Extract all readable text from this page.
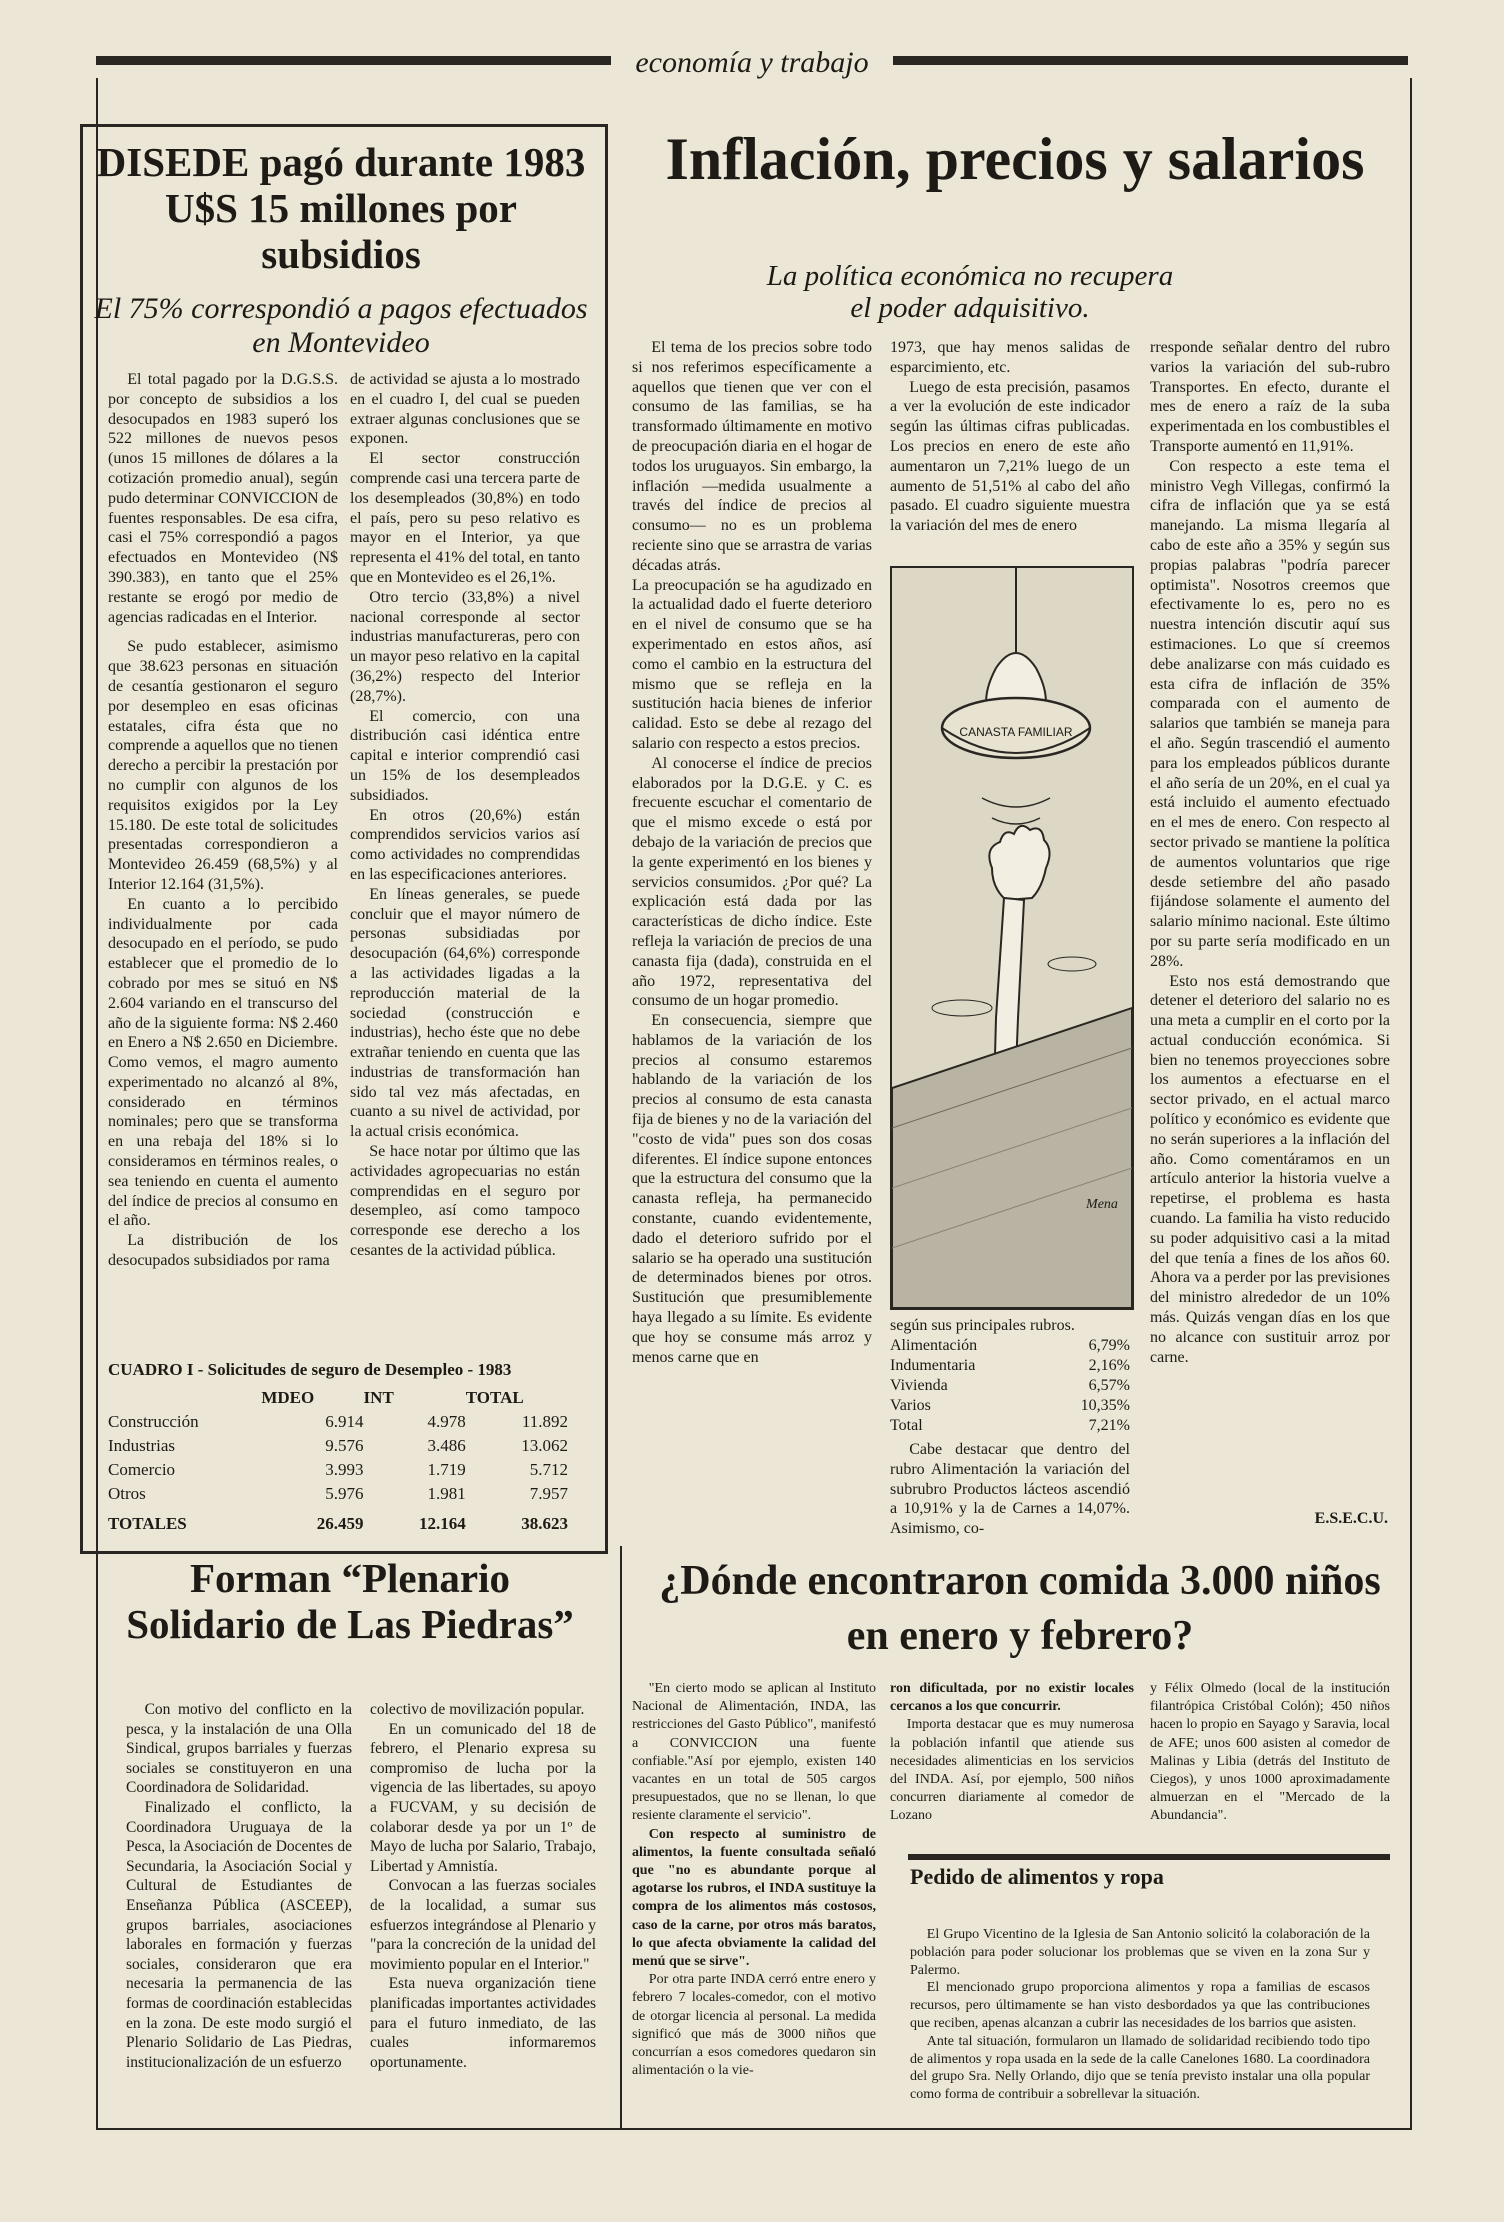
economía y trabajo
DISEDE pagó durante 1983 U$S 15 millones por subsidios
El 75% correspondió a pagos efectuados en Montevideo

El total pagado por la D.G.S.S. por concepto de subsidios a los desocupados en 1983 superó los 522 millones de nuevos pesos (unos 15 millones de dólares a la cotización promedio anual), según pudo determinar CONVICCION de fuentes responsables. De esa cifra, casi el 75% correspondió a pagos efectuados en Montevideo (N$ 390.383), en tanto que el 25% restante se erogó por medio de agencias radicadas en el Interior.

Se pudo establecer, asimismo que 38.623 personas en situación de cesantía gestionaron el seguro por desempleo en esas oficinas estatales, cifra ésta que no comprende a aquellos que no tienen derecho a percibir la prestación por no cumplir con algunos de los requisitos exigidos por la Ley 15.180. De este total de solicitudes presentadas correspondieron a Montevideo 26.459 (68,5%) y al Interior 12.164 (31,5%).

En cuanto a lo percibido individualmente por cada desocupado en el período, se pudo establecer que el promedio de lo cobrado por mes se situó en N$ 2.604 variando en el transcurso del año de la siguiente forma: N$ 2.460 en Enero a N$ 2.650 en Diciembre. Como vemos, el magro aumento experimentado no alcanzó al 8%, considerado en términos nominales; pero que se transforma en una rebaja del 18% si lo consideramos en términos reales, o sea teniendo en cuenta el aumento del índice de precios al consumo en el año.

La distribución de los desocupados subsidiados por rama

de actividad se ajusta a lo mostrado en el cuadro I, del cual se pueden extraer algunas conclusiones que se exponen.

El sector construcción comprende casi una tercera parte de los desempleados (30,8%) en todo el país, pero su peso relativo es mayor en el Interior, ya que representa el 41% del total, en tanto que en Montevideo es el 26,1%.

Otro tercio (33,8%) a nivel nacional corresponde al sector industrias manufactureras, pero con un mayor peso relativo en la capital (36,2%) respecto del Interior (28,7%).

El comercio, con una distribución casi idéntica entre capital e interior comprendió casi un 15% de los desempleados subsidiados.

En otros (20,6%) están comprendidos servicios varios así como actividades no comprendidas en las especificaciones anteriores.

En líneas generales, se puede concluir que el mayor número de personas subsidiadas por desocupación (64,6%) corresponde a las actividades ligadas a la reproducción material de la sociedad (construcción e industrias), hecho éste que no debe extrañar teniendo en cuenta que las industrias de transformación han sido tal vez más afectadas, en cuanto a su nivel de actividad, por la actual crisis económica.

Se hace notar por último que las actividades agropecuarias no están comprendidas en el seguro por desempleo, así como tampoco corresponde ese derecho a los cesantes de la actividad pública.

CUADRO I - Solicitudes de seguro de Desempleo - 1983
	MDEO	INT	TOTAL
Construcción	6.914	4.978	11.892
Industrias	9.576	3.486	13.062
Comercio	3.993	1.719	5.712
Otros	5.976	1.981	7.957
TOTALES	26.459	12.164	38.623
Inflación, precios y salarios
La política económica no recupera el poder adquisitivo.

El tema de los precios sobre todo si nos referimos específicamente a aquellos que tienen que ver con el consumo de las familias, se ha transformado últimamente en motivo de preocupación diaria en el hogar de todos los uruguayos. Sin embargo, la inflación —medida usualmente a través del índice de precios al consumo— no es un problema reciente sino que se arrastra de varias décadas atrás.

La preocupación se ha agudizado en la actualidad dado el fuerte deterioro en el nivel de consumo que se ha experimentado en estos años, así como el cambio en la estructura del mismo que se refleja en la sustitución hacia bienes de inferior calidad. Esto se debe al rezago del salario con respecto a estos precios.

Al conocerse el índice de precios elaborados por la D.G.E. y C. es frecuente escuchar el comentario de que el mismo excede o está por debajo de la variación de precios que la gente experimentó en los bienes y servicios consumidos. ¿Por qué? La explicación está dada por las características de dicho índice. Este refleja la variación de precios de una canasta fija (dada), construida en el año 1972, representativa del consumo de un hogar promedio.

En consecuencia, siempre que hablamos de la variación de los precios al consumo estaremos hablando de la variación de los precios al consumo de esta canasta fija de bienes y no de la variación del "costo de vida" pues son dos cosas diferentes. El índice supone entonces que la estructura del consumo que la canasta refleja, ha permanecido constante, cuando evidentemente, dado el deterioro sufrido por el salario se ha operado una sustitución de determinados bienes por otros. Sustitución que presumiblemente haya llegado a su límite. Es evidente que hoy se consume más arroz y menos carne que en

1973, que hay menos salidas de esparcimiento, etc.

Luego de esta precisión, pasamos a ver la evolución de este indicador según las últimas cifras publicadas. Los precios en enero de este año aumentaron un 7,21% luego de un aumento de 51,51% al cabo del año pasado. El cuadro siguiente muestra la variación del mes de enero

CANASTA FAMILIAR
Mena
según sus principales rubros.
Alimentación	6,79%
Indumentaria	2,16%
Vivienda	6,57%
Varios	10,35%
Total	7,21%

Cabe destacar que dentro del rubro Alimentación la variación del subrubro Productos lácteos ascendió a 10,91% y la de Carnes a 14,07%. Asimismo, co-

rresponde señalar dentro del rubro varios la variación del sub-rubro Transportes. En efecto, durante el mes de enero a raíz de la suba experimentada en los combustibles el Transporte aumentó en 11,91%.

Con respecto a este tema el ministro Vegh Villegas, confirmó la cifra de inflación que ya se está manejando. La misma llegaría al cabo de este año a 35% y según sus propias palabras "podría parecer optimista". Nosotros creemos que efectivamente lo es, pero no es nuestra intención discutir aquí sus estimaciones. Lo que sí creemos debe analizarse con más cuidado es esta cifra de inflación de 35% comparada con el aumento de salarios que también se maneja para el año. Según trascendió el aumento para los empleados públicos durante el año sería de un 20%, en el cual ya está incluido el aumento efectuado en el mes de enero. Con respecto al sector privado se mantiene la política de aumentos voluntarios que rige desde setiembre del año pasado fijándose solamente el aumento del salario mínimo nacional. Este último por su parte sería modificado en un 28%.

Esto nos está demostrando que detener el deterioro del salario no es una meta a cumplir en el corto por la actual conducción económica. Si bien no tenemos proyecciones sobre los aumentos a efectuarse en el sector privado, en el actual marco político y económico es evidente que no serán superiores a la inflación del año. Como comentáramos en un artículo anterior la historia vuelve a repetirse, el problema es hasta cuando. La familia ha visto reducido su poder adquisitivo casi a la mitad del que tenía a fines de los años 60. Ahora va a perder por las previsiones del ministro alrededor de un 10% más. Quizás vengan días en los que no alcance con sustituir arroz por carne.

E.S.E.C.U.
Forman “Plenario Solidario de Las Piedras”

Con motivo del conflicto en la pesca, y la instalación de una Olla Sindical, grupos barriales y fuerzas sociales se constituyeron en una Coordinadora de Solidaridad.

Finalizado el conflicto, la Coordinadora Uruguaya de la Pesca, la Asociación de Docentes de Secundaria, la Asociación Social y Cultural de Estudiantes de Enseñanza Pública (ASCEEP), grupos barriales, asociaciones laborales en formación y fuerzas sociales, consideraron que era necesaria la permanencia de las formas de coordinación establecidas en la zona. De este modo surgió el Plenario Solidario de Las Piedras, institucionalización de un esfuerzo

colectivo de movilización popular.

En un comunicado del 18 de febrero, el Plenario expresa su compromiso de lucha por la vigencia de las libertades, su apoyo a FUCVAM, y su decisión de colaborar desde ya por un 1º de Mayo de lucha por Salario, Trabajo, Libertad y Amnistía.

Convocan a las fuerzas sociales de la localidad, a sumar sus esfuerzos integrándose al Plenario y "para la concreción de la unidad del movimiento popular en el Interior."

Esta nueva organización tiene planificadas importantes actividades para el futuro inmediato, de las cuales informaremos oportunamente.

¿Dónde encontraron comida 3.000 niños en enero y febrero?

"En cierto modo se aplican al Instituto Nacional de Alimentación, INDA, las restricciones del Gasto Público", manifestó a CONVICCION una fuente confiable."Así por ejemplo, existen 140 vacantes en un total de 505 cargos presupuestados, que no se llenan, lo que resiente claramente el servicio".

Con respecto al suministro de alimentos, la fuente consultada señaló que "no es abundante porque al agotarse los rubros, el INDA sustituye la compra de los alimentos más costosos, caso de la carne, por otros más baratos, lo que afecta obviamente la calidad del menú que se sirve".

Por otra parte INDA cerró entre enero y febrero 7 locales-comedor, con el motivo de otorgar licencia al personal. La medida significó que más de 3000 niños que concurrían a esos comedores quedaron sin alimentación o la vie-

ron dificultada, por no existir locales cercanos a los que concurrir.

Importa destacar que es muy numerosa la población infantil que atiende sus necesidades alimenticias en los servicios del INDA. Así, por ejemplo, 500 niños concurren diariamente al comedor de Lozano

y Félix Olmedo (local de la institución filantrópica Cristóbal Colón); 450 niños hacen lo propio en Sayago y Saravia, local de AFE; unos 600 asisten al comedor de Malinas y Libia (detrás del Instituto de Ciegos), y unos 1000 aproximadamente almuerzan en el "Mercado de la Abundancia".

Pedido de alimentos y ropa

El Grupo Vicentino de la Iglesia de San Antonio solicitó la colaboración de la población para poder solucionar los problemas que se viven en la zona Sur y Palermo.

El mencionado grupo proporciona alimentos y ropa a familias de escasos recursos, pero últimamente se han visto desbordados ya que las contribuciones que reciben, apenas alcanzan a cubrir las necesidades de los barrios que asisten.

Ante tal situación, formularon un llamado de solidaridad recibiendo todo tipo de alimentos y ropa usada en la sede de la calle Canelones 1680. La coordinadora del grupo Sra. Nelly Orlando, dijo que se tenía previsto instalar una olla popular como forma de contribuir a sobrellevar la situación.
